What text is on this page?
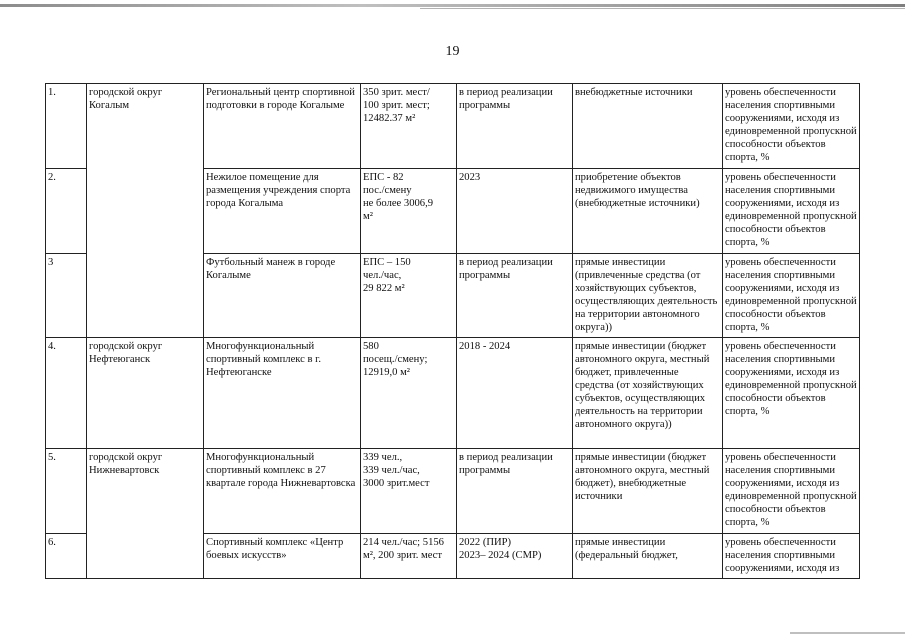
19
1.	городской округ Когалым	Региональный центр спортивной подготовки в городе Когалыме	350 зрит. мест/
100 зрит. мест;
12482.37 м²	в период реализации программы	внебюджетные источники	уровень обеспеченности населения спортивными сооружениями, исходя из единовременной пропускной способности объектов спорта, %
2.		Нежилое помещение для размещения учреждения спорта города Когалыма	ЕПС - 82
пос./смену
не более 3006,9
м²	2023	приобретение объектов недвижимого имущества (внебюджетные источники)	уровень обеспеченности населения спортивными сооружениями, исходя из единовременной пропускной способности объектов спорта, %
3		Футбольный манеж в городе Когалыме	ЕПС – 150
чел./час,
29 822 м²	в период реализации программы	прямые инвестиции (привлеченные средства (от хозяйствующих субъектов, осуществляющих деятельность на территории автономного округа))	уровень обеспеченности населения спортивными сооружениями, исходя из единовременной пропускной способности объектов спорта, %
4.	городской округ Нефтеюганск	Многофункциональный спортивный комплекс в г. Нефтеюганске	580
посещ./смену;
12919,0 м²	2018 - 2024	прямые инвестиции (бюджет автономного округа, местный бюджет, привлеченные средства (от хозяйствующих субъектов, осуществляющих деятельность на территории автономного округа))	уровень обеспеченности населения спортивными сооружениями, исходя из единовременной пропускной способности объектов спорта, %
5.	городской округ Нижневартовск	Многофункциональный спортивный комплекс в 27 квартале города Нижневартовска	339 чел.,
339 чел./час,
3000 зрит.мест	в период реализации программы	прямые инвестиции (бюджет автономного округа, местный бюджет), внебюджетные источники	уровень обеспеченности населения спортивными сооружениями, исходя из единовременной пропускной способности объектов спорта, %
6.		Спортивный комплекс «Центр боевых искусств»	214 чел./час; 5156 м², 200 зрит. мест	2022 (ПИР)
2023– 2024 (СМР)	прямые инвестиции (федеральный бюджет,	уровень обеспеченности населения спортивными сооружениями, исходя из
